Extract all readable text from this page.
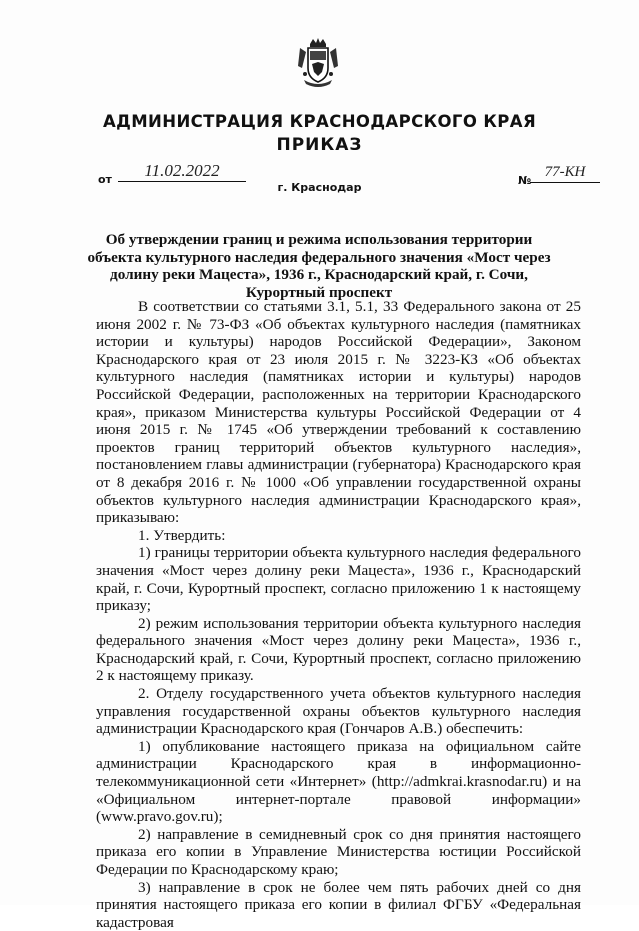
АДМИНИСТРАЦИЯ КРАСНОДАРСКОГО КРАЯ
ПРИКАЗ
от	11.02.2022
г. Краснодар
№
77-КН
Об утверждении границ и режима использования территории объекта культурного наследия федерального значения «Мост через долину реки Мацеста», 1936 г., Краснодарский край, г. Сочи, Курортный проспект

В соответствии со статьями 3.1, 5.1, 33 Федерального закона от 25 июня 2002 г. № 73-ФЗ «Об объектах культурного наследия (памятниках истории и культуры) народов Российской Федерации», Законом Краснодарского края от 23 июля 2015 г. № 3223-КЗ «Об объектах культурного наследия (памятниках истории и культуры) народов Российской Федерации, расположенных на территории Краснодарского края», приказом Министерства культуры Российской Федерации от 4 июня 2015 г. № 1745 «Об утверждении требований к составлению проектов границ территорий объектов культурного наследия», постановлением главы администрации (губернатора) Краснодарского края от 8 декабря 2016 г. № 1000 «Об управлении государственной охраны объектов культурного наследия администрации Краснодарского края», приказываю:

1. Утвердить:

1) границы территории объекта культурного наследия федерального значения «Мост через долину реки Мацеста», 1936 г., Краснодарский край, г. Сочи, Курортный проспект, согласно приложению 1 к настоящему приказу;

2) режим использования территории объекта культурного наследия федерального значения «Мост через долину реки Мацеста», 1936 г., Краснодарский край, г. Сочи, Курортный проспект, согласно приложению 2 к настоящему приказу.

2. Отделу государственного учета объектов культурного наследия управления государственной охраны объектов культурного наследия администрации Краснодарского края (Гончаров А.В.) обеспечить:

1) опубликование настоящего приказа на официальном сайте администрации Краснодарского края в информационно-телекоммуникационной сети «Интернет» (http://admkrai.krasnodar.ru) и на «Официальном интернет-портале правовой информации» (www.pravo.gov.ru);

2) направление в семидневный срок со дня принятия настоящего приказа его копии в Управление Министерства юстиции Российской Федерации по Краснодарскому краю;

3) направление в срок не более чем пять рабочих дней со дня принятия настоящего приказа его копии в филиал ФГБУ «Федеральная кадастровая
